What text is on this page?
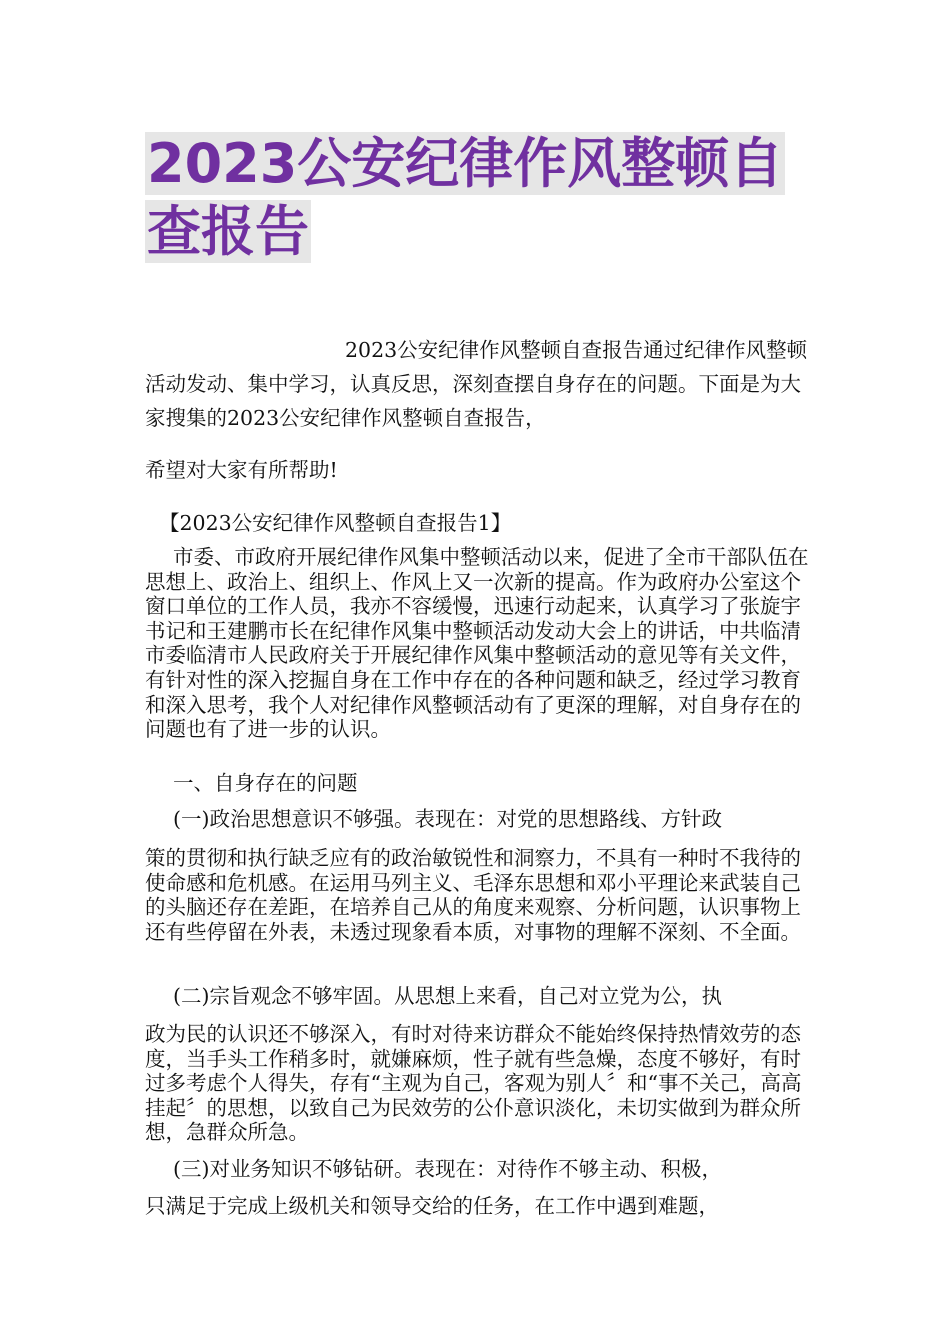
2023公安纪律作风整顿自查报告

2023公安纪律作风整顿自查报告通过纪律作风整顿活动发动、集中学习，认真反思，深刻查摆自身存在的问题。下面是为大家搜集的2023公安纪律作风整顿自查报告，

希望对大家有所帮助!

【2023公安纪律作风整顿自查报告1】

市委、市政府开展纪律作风集中整顿活动以来，促进了全市干部队伍在思想上、政治上、组织上、作风上又一次新的提高。作为政府办公室这个窗口单位的工作人员，我亦不容缓慢，迅速行动起来，认真学习了张旋宇书记和王建鹏市长在纪律作风集中整顿活动发动大会上的讲话，中共临清市委临清市人民政府关于开展纪律作风集中整顿活动的意见等有关文件，有针对性的深入挖掘自身在工作中存在的各种问题和缺乏，经过学习教育和深入思考，我个人对纪律作风整顿活动有了更深的理解，对自身存在的问题也有了进一步的认识。

一、自身存在的问题

(一)政治思想意识不够强。表现在：对党的思想路线、方针政

策的贯彻和执行缺乏应有的政治敏锐性和洞察力，不具有一种时不我待的使命感和危机感。在运用马列主义、毛泽东思想和邓小平理论来武装自己的头脑还存在差距，在培养自己从的角度来观察、分析问题，认识事物上还有些停留在外表，未透过现象看本质，对事物的理解不深刻、不全面。

(二)宗旨观念不够牢固。从思想上来看，自己对立党为公，执

政为民的认识还不够深入，有时对待来访群众不能始终保持热情效劳的态度，当手头工作稍多时，就嫌麻烦，性子就有些急燥，态度不够好，有时过多考虑个人得失，存有“主观为自己，客观为别人〞和“事不关己，高高挂起〞的思想，以致自己为民效劳的公仆意识淡化，未切实做到为群众所想，急群众所急。

(三)对业务知识不够钻研。表现在：对待作不够主动、积极，

只满足于完成上级机关和领导交给的任务，在工作中遇到难题，
